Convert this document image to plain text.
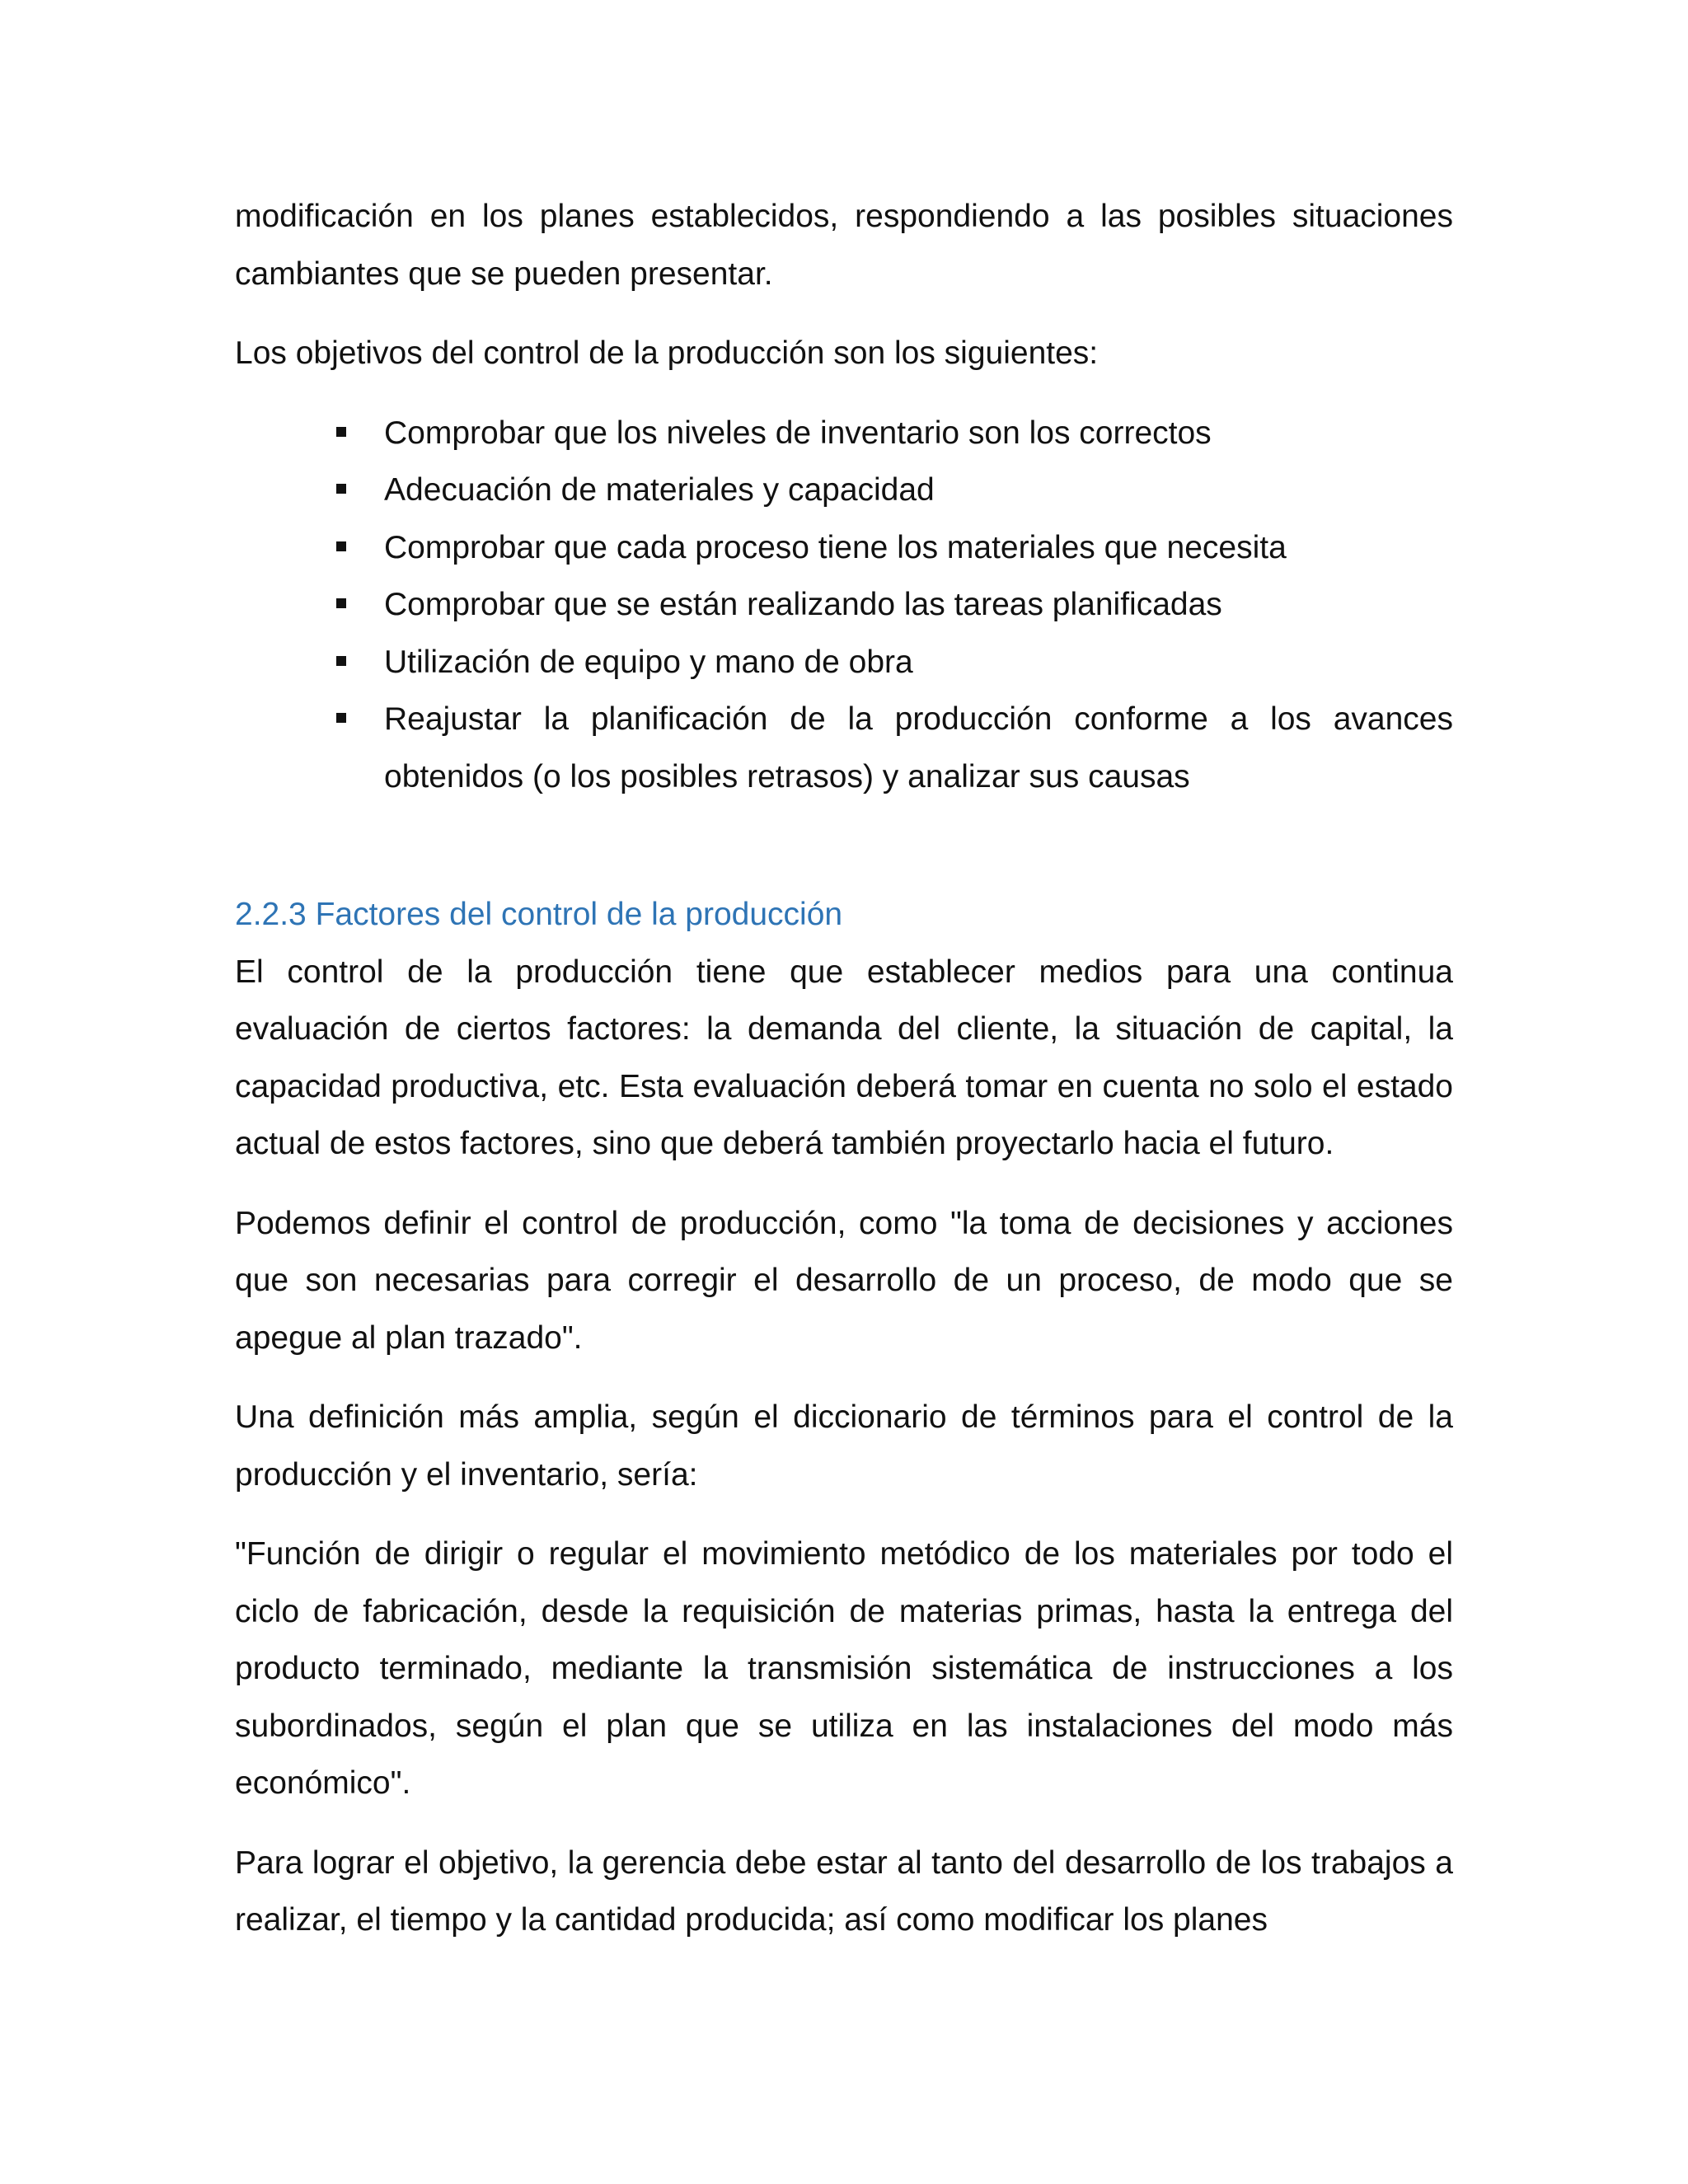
modificación en los planes establecidos, respondiendo a las posibles situaciones cambiantes que se pueden presentar.

Los objetivos del control de la producción son los siguientes:

Comprobar que los niveles de inventario son los correctos
Adecuación de materiales y capacidad
Comprobar que cada proceso tiene los materiales que necesita
Comprobar que se están realizando las tareas planificadas
Utilización de equipo y mano de obra
Reajustar la planificación de la producción conforme a los avances obtenidos (o los posibles retrasos) y analizar sus causas
2.2.3 Factores del control de la producción

El control de la producción tiene que establecer medios para una continua evaluación de ciertos factores: la demanda del cliente, la situación de capital, la capacidad productiva, etc. Esta evaluación deberá tomar en cuenta no solo el estado actual de estos factores, sino que deberá también proyectarlo hacia el futuro.

Podemos definir el control de producción, como "la toma de decisiones y acciones que son necesarias para corregir el desarrollo de un proceso, de modo que se apegue al plan trazado".

Una definición más amplia, según el diccionario de términos para el control de la producción y el inventario, sería:

"Función de dirigir o regular el movimiento metódico de los materiales por todo el ciclo de fabricación, desde la requisición de materias primas, hasta la entrega del producto terminado, mediante la transmisión sistemática de instrucciones a los subordinados, según el plan que se utiliza en las instalaciones del modo más económico".

Para lograr el objetivo, la gerencia debe estar al tanto del desarrollo de los trabajos a realizar, el tiempo y la cantidad producida; así como modificar los planes
